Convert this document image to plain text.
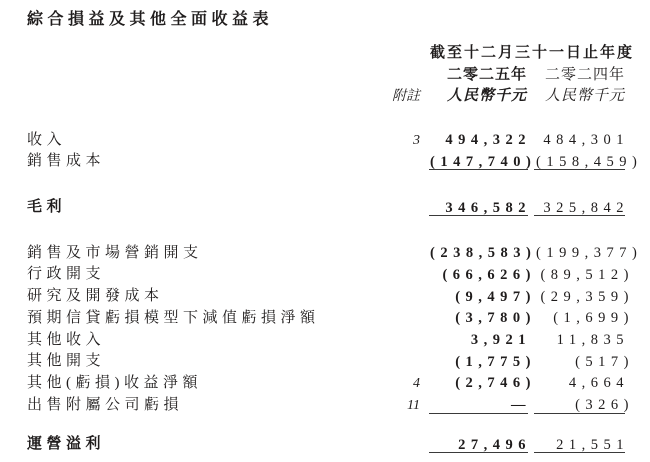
綜合損益及其他全面收益表
截至十二月三十一日止年度
二零二五年	二零二四年
附註	人民幣千元	人民幣千元
收入	3	494,322 484,301
銷售成本	(147,740) (158,459)
毛利	346,582 325,842
銷售及市場營銷開支	(238,583) (199,377)
行政開支	(66,626) (89,512)
研究及開發成本	(9,497) (29,359)
預期信貸虧損模型下減值虧損淨額	(3,780)	(1,699)
其他收入	3,921	11,835
其他開支	(1,775)	(517)
其他(虧損)收益淨額	4	(2,746)	4,664
出售附屬公司虧損	11	—	(326)
運營溢利	27,496	21,551
